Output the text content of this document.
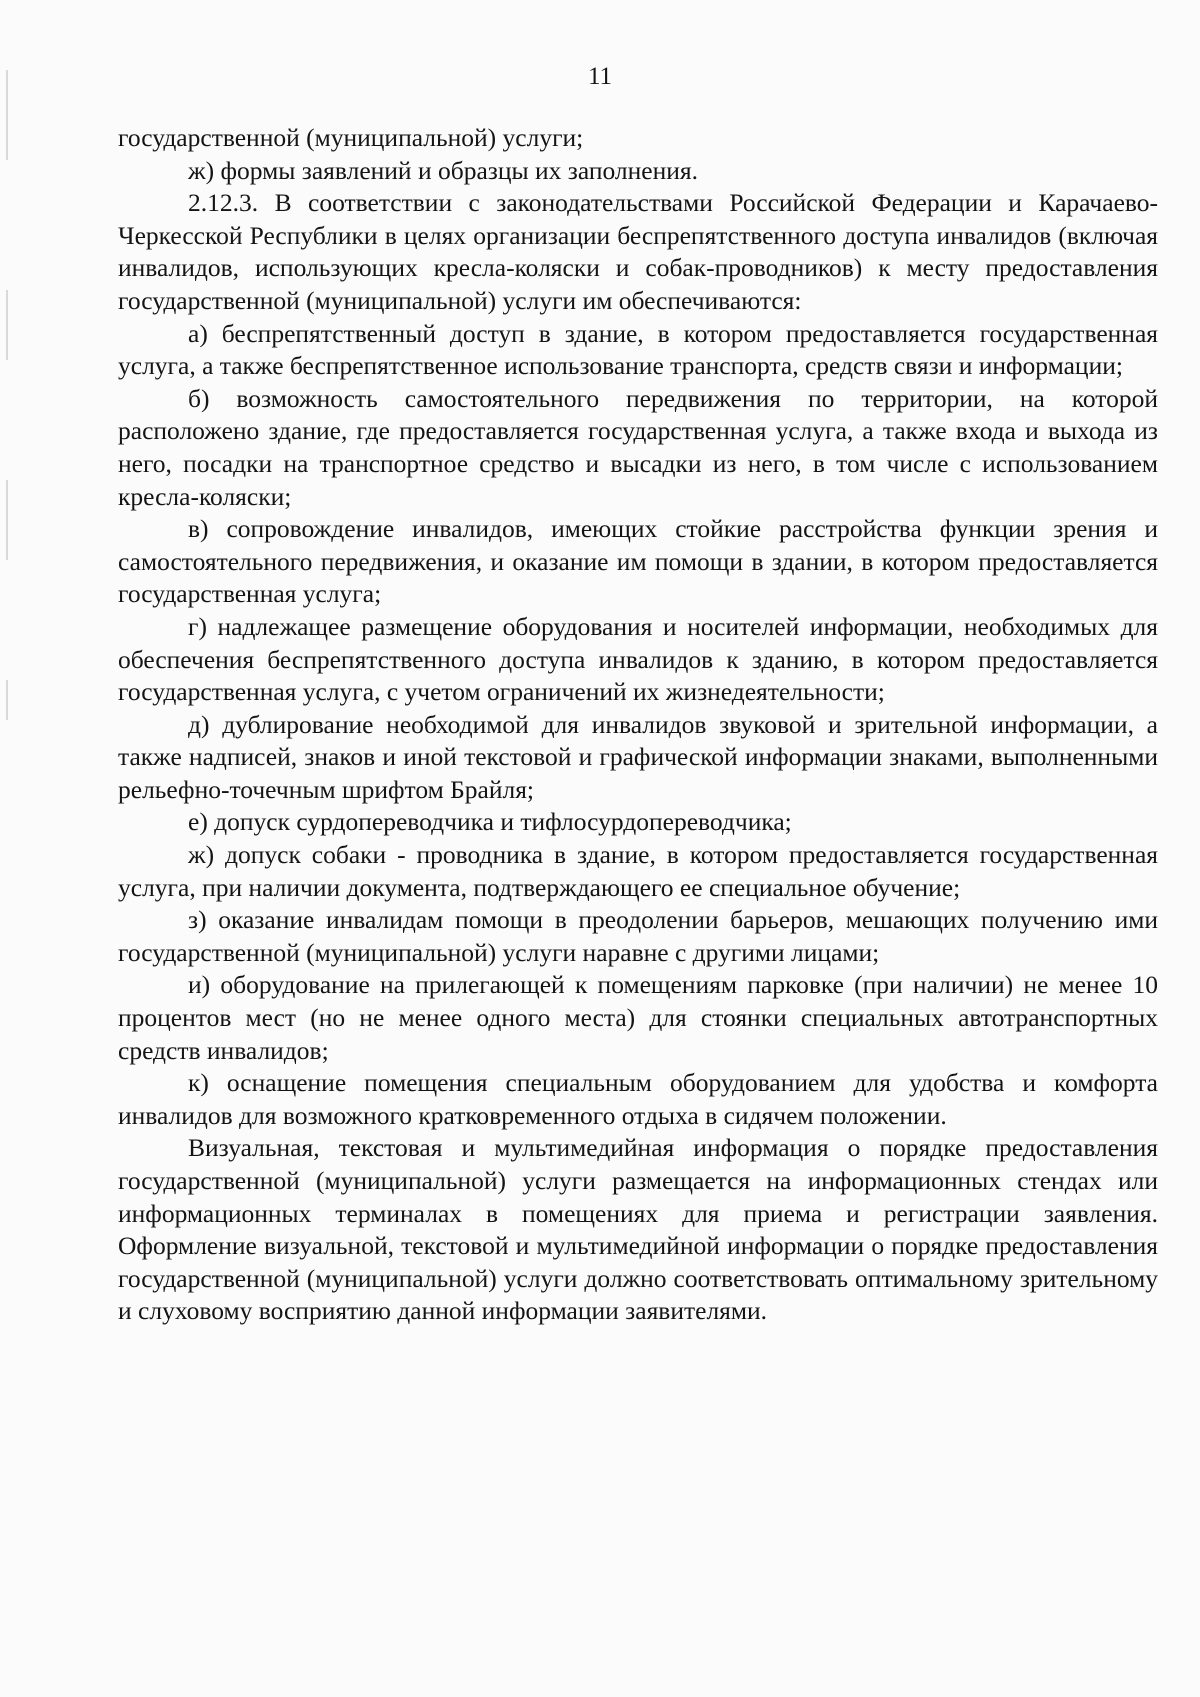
11

государственной (муниципальной) услуги;

ж) формы заявлений и образцы их заполнения.

2.12.3. В соответствии с законодательствами Российской Федерации и Карачаево-Черкесской Республики в целях организации беспрепятственного доступа инвалидов (включая инвалидов, использующих кресла-коляски и собак-проводников) к месту предоставления государственной (муниципальной) услуги им обеспечиваются:

а) беспрепятственный доступ в здание, в котором предоставляется государственная услуга, а также беспрепятственное использование транспорта, средств связи и информации;

б) возможность самостоятельного передвижения по территории, на которой расположено здание, где предоставляется государственная услуга, а также входа и выхода из него, посадки на транспортное средство и высадки из него, в том числе с использованием кресла-коляски;

в) сопровождение инвалидов, имеющих стойкие расстройства функции зрения и самостоятельного передвижения, и оказание им помощи в здании, в котором предоставляется государственная услуга;

г) надлежащее размещение оборудования и носителей информации, необходимых для обеспечения беспрепятственного доступа инвалидов к зданию, в котором предоставляется государственная услуга, с учетом ограничений их жизнедеятельности;

д) дублирование необходимой для инвалидов звуковой и зрительной информации, а также надписей, знаков и иной текстовой и графической информации знаками, выполненными рельефно-точечным шрифтом Брайля;

е) допуск сурдопереводчика и тифлосурдопереводчика;

ж) допуск собаки - проводника в здание, в котором предоставляется государственная услуга, при наличии документа, подтверждающего ее специальное обучение;

з) оказание инвалидам помощи в преодолении барьеров, мешающих получению ими государственной (муниципальной) услуги наравне с другими лицами;

и) оборудование на прилегающей к помещениям парковке (при наличии) не менее 10 процентов мест (но не менее одного места) для стоянки специальных автотранспортных средств инвалидов;

к) оснащение помещения специальным оборудованием для удобства и комфорта инвалидов для возможного кратковременного отдыха в сидячем положении.

Визуальная, текстовая и мультимедийная информация о порядке предоставления государственной (муниципальной) услуги размещается на информационных стендах или информационных терминалах в помещениях для приема и регистрации заявления. Оформление визуальной, текстовой и мультимедийной информации о порядке предоставления государственной (муниципальной) услуги должно соответствовать оптимальному зрительному и слуховому восприятию данной информации заявителями.
